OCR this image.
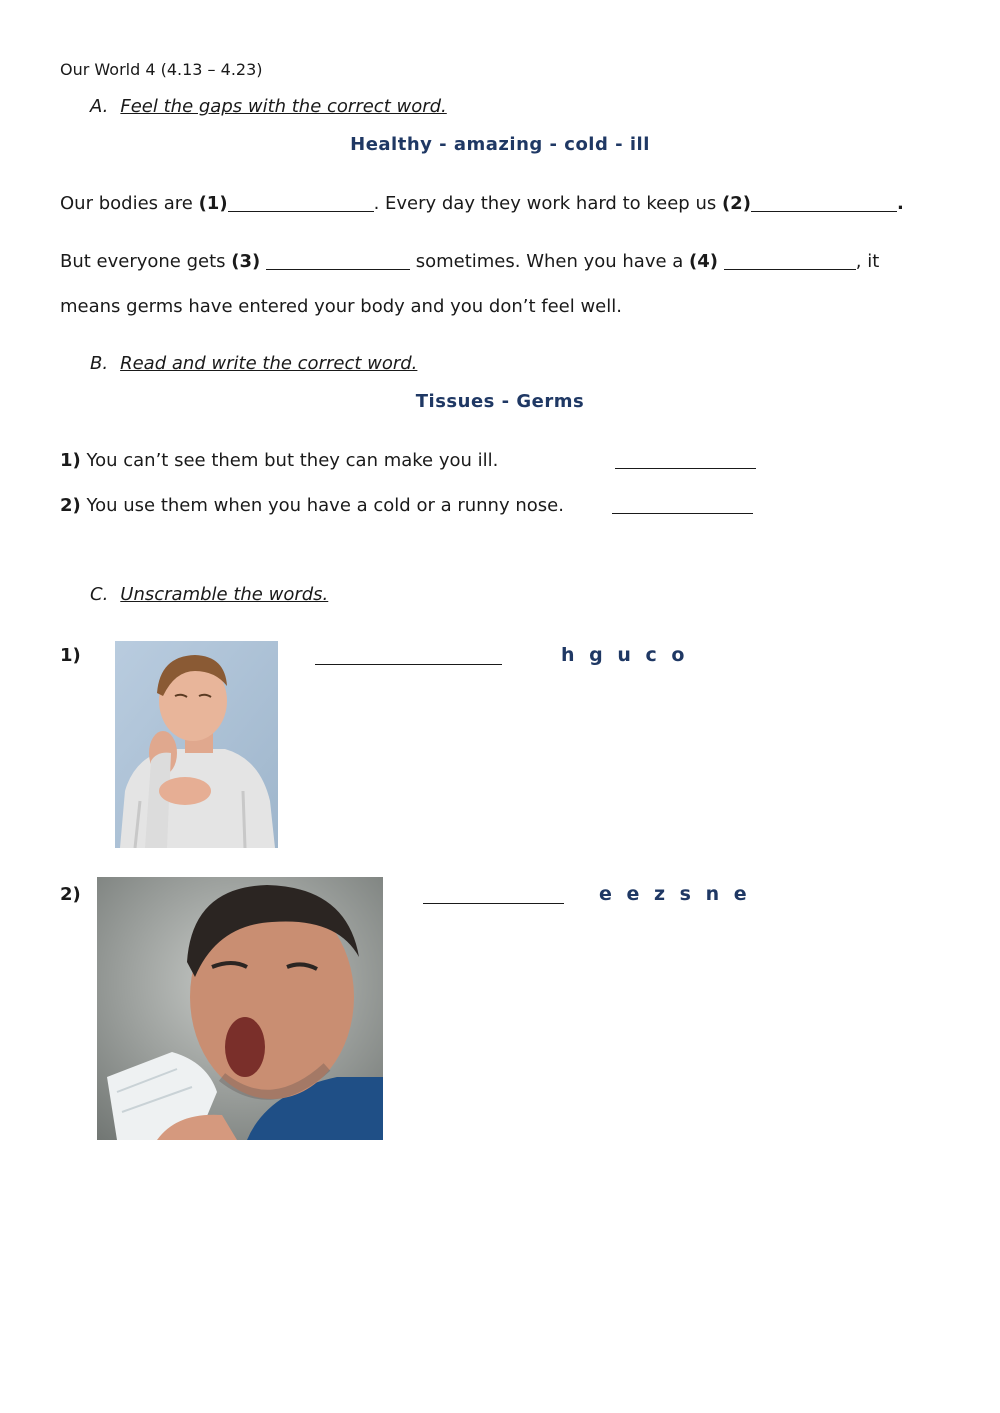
Our World 4 (4.13 – 4.23)
A. Feel the gaps with the correct word.
Healthy - amazing - cold - ill
Our bodies are (1)	. Every day they work hard to keep us (2)	.
But everyone gets (3)	sometimes. When you have a (4)	, it
means germs have entered your body and you don’t feel well.
B. Read and write the correct word.
Tissues - Germs
1) You can’t see them but they can make you ill.
2) You use them when you have a cold or a runny nose.
C. Unscramble the words.
1)	h g u c o
2)	e e z s n e
